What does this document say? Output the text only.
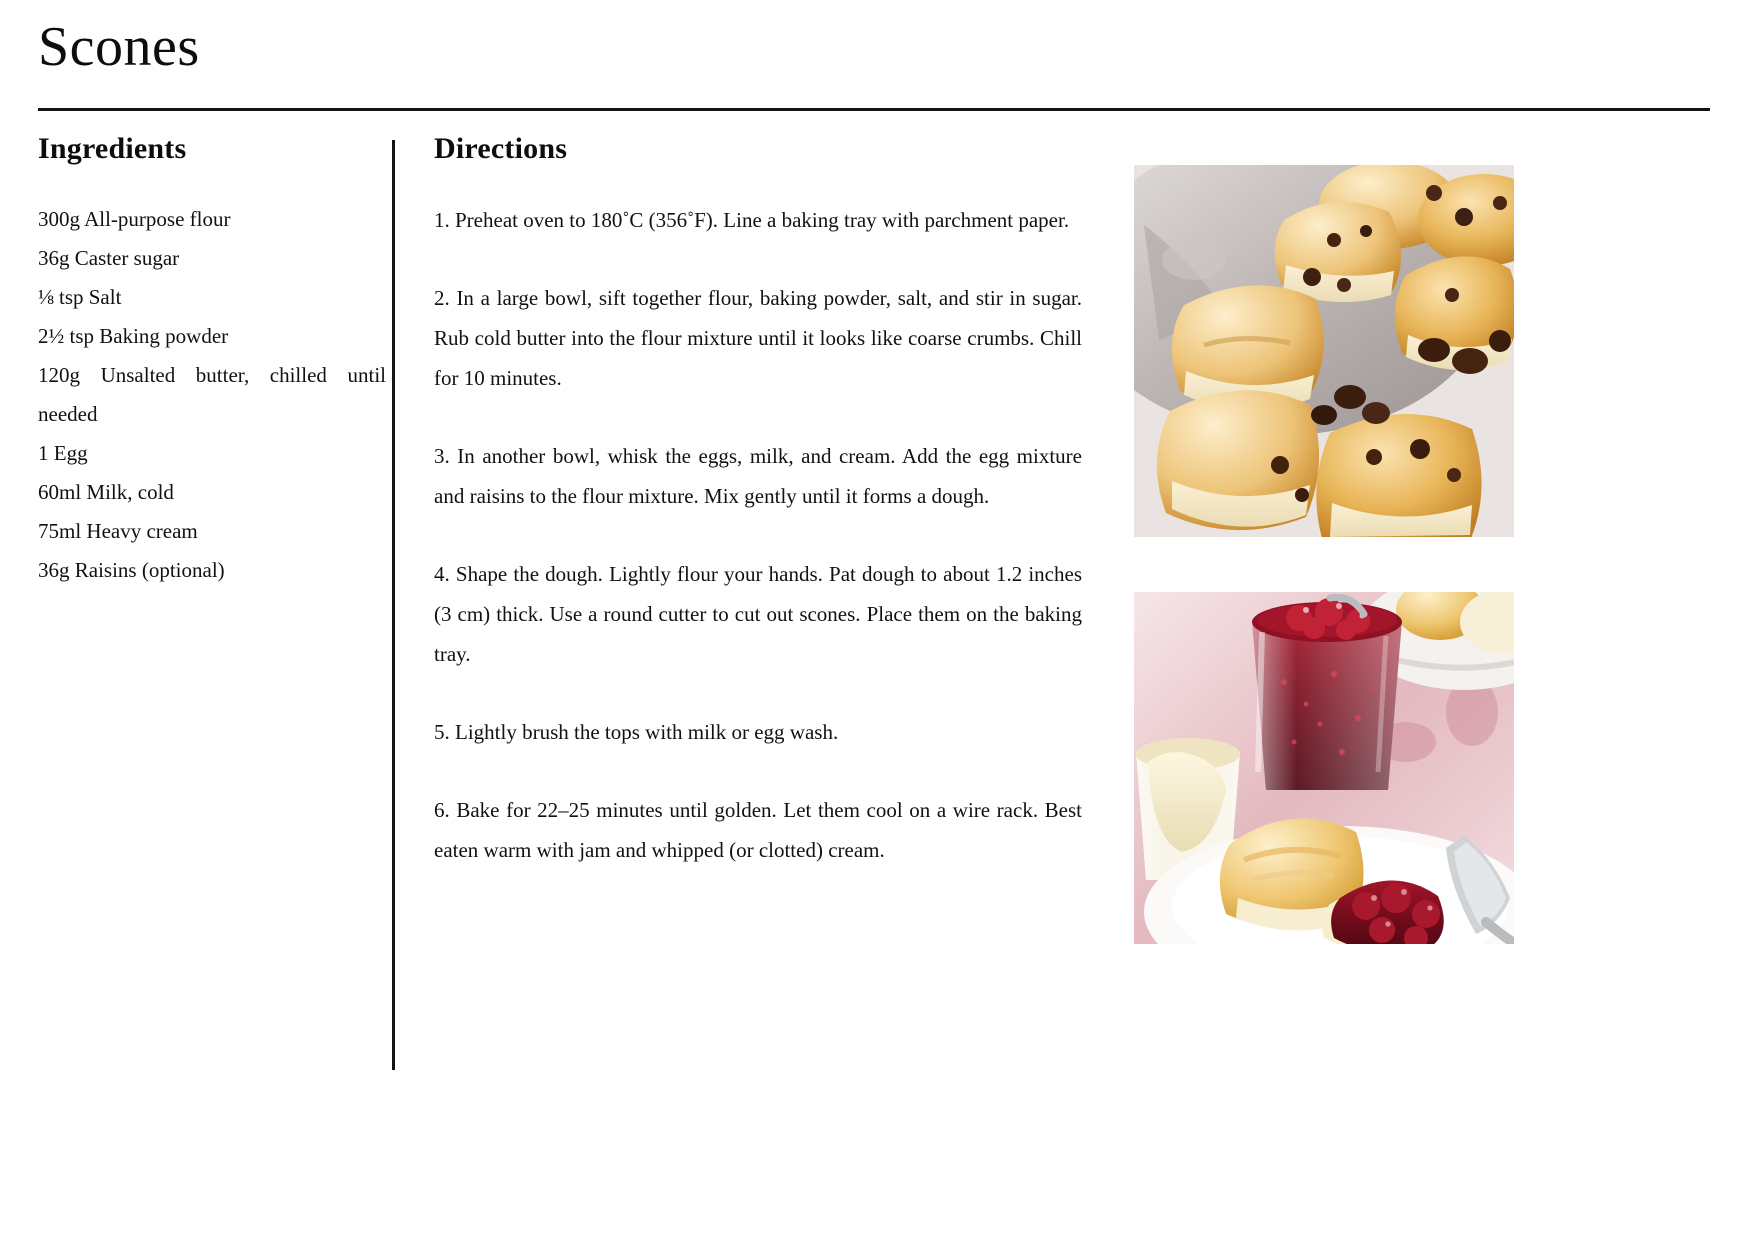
Scones
Ingredients
300g All-purpose flour
36g Caster sugar
⅛ tsp Salt
2½ tsp Baking powder
120g Unsalted butter, chilled until needed
1 Egg
60ml Milk, cold
75ml Heavy cream
36g Raisins (optional)
Directions
1. Preheat oven to 180˚C (356˚F). Line a baking tray with parchment paper.
2. In a large bowl, sift together flour, baking powder, salt, and stir in sugar. Rub cold butter into the flour mixture until it looks like coarse crumbs. Chill for 10 minutes.
3. In another bowl, whisk the eggs, milk, and cream. Add the egg mixture and raisins to the flour mixture. Mix gently until it forms a dough.
4. Shape the dough. Lightly flour your hands. Pat dough to about 1.2 inches (3 cm) thick. Use a round cutter to cut out scones. Place them on the baking tray.
5. Lightly brush the tops with milk or egg wash.
6. Bake for 22–25 minutes until golden. Let them cool on a wire rack. Best eaten warm with jam and whipped (or clotted) cream.
